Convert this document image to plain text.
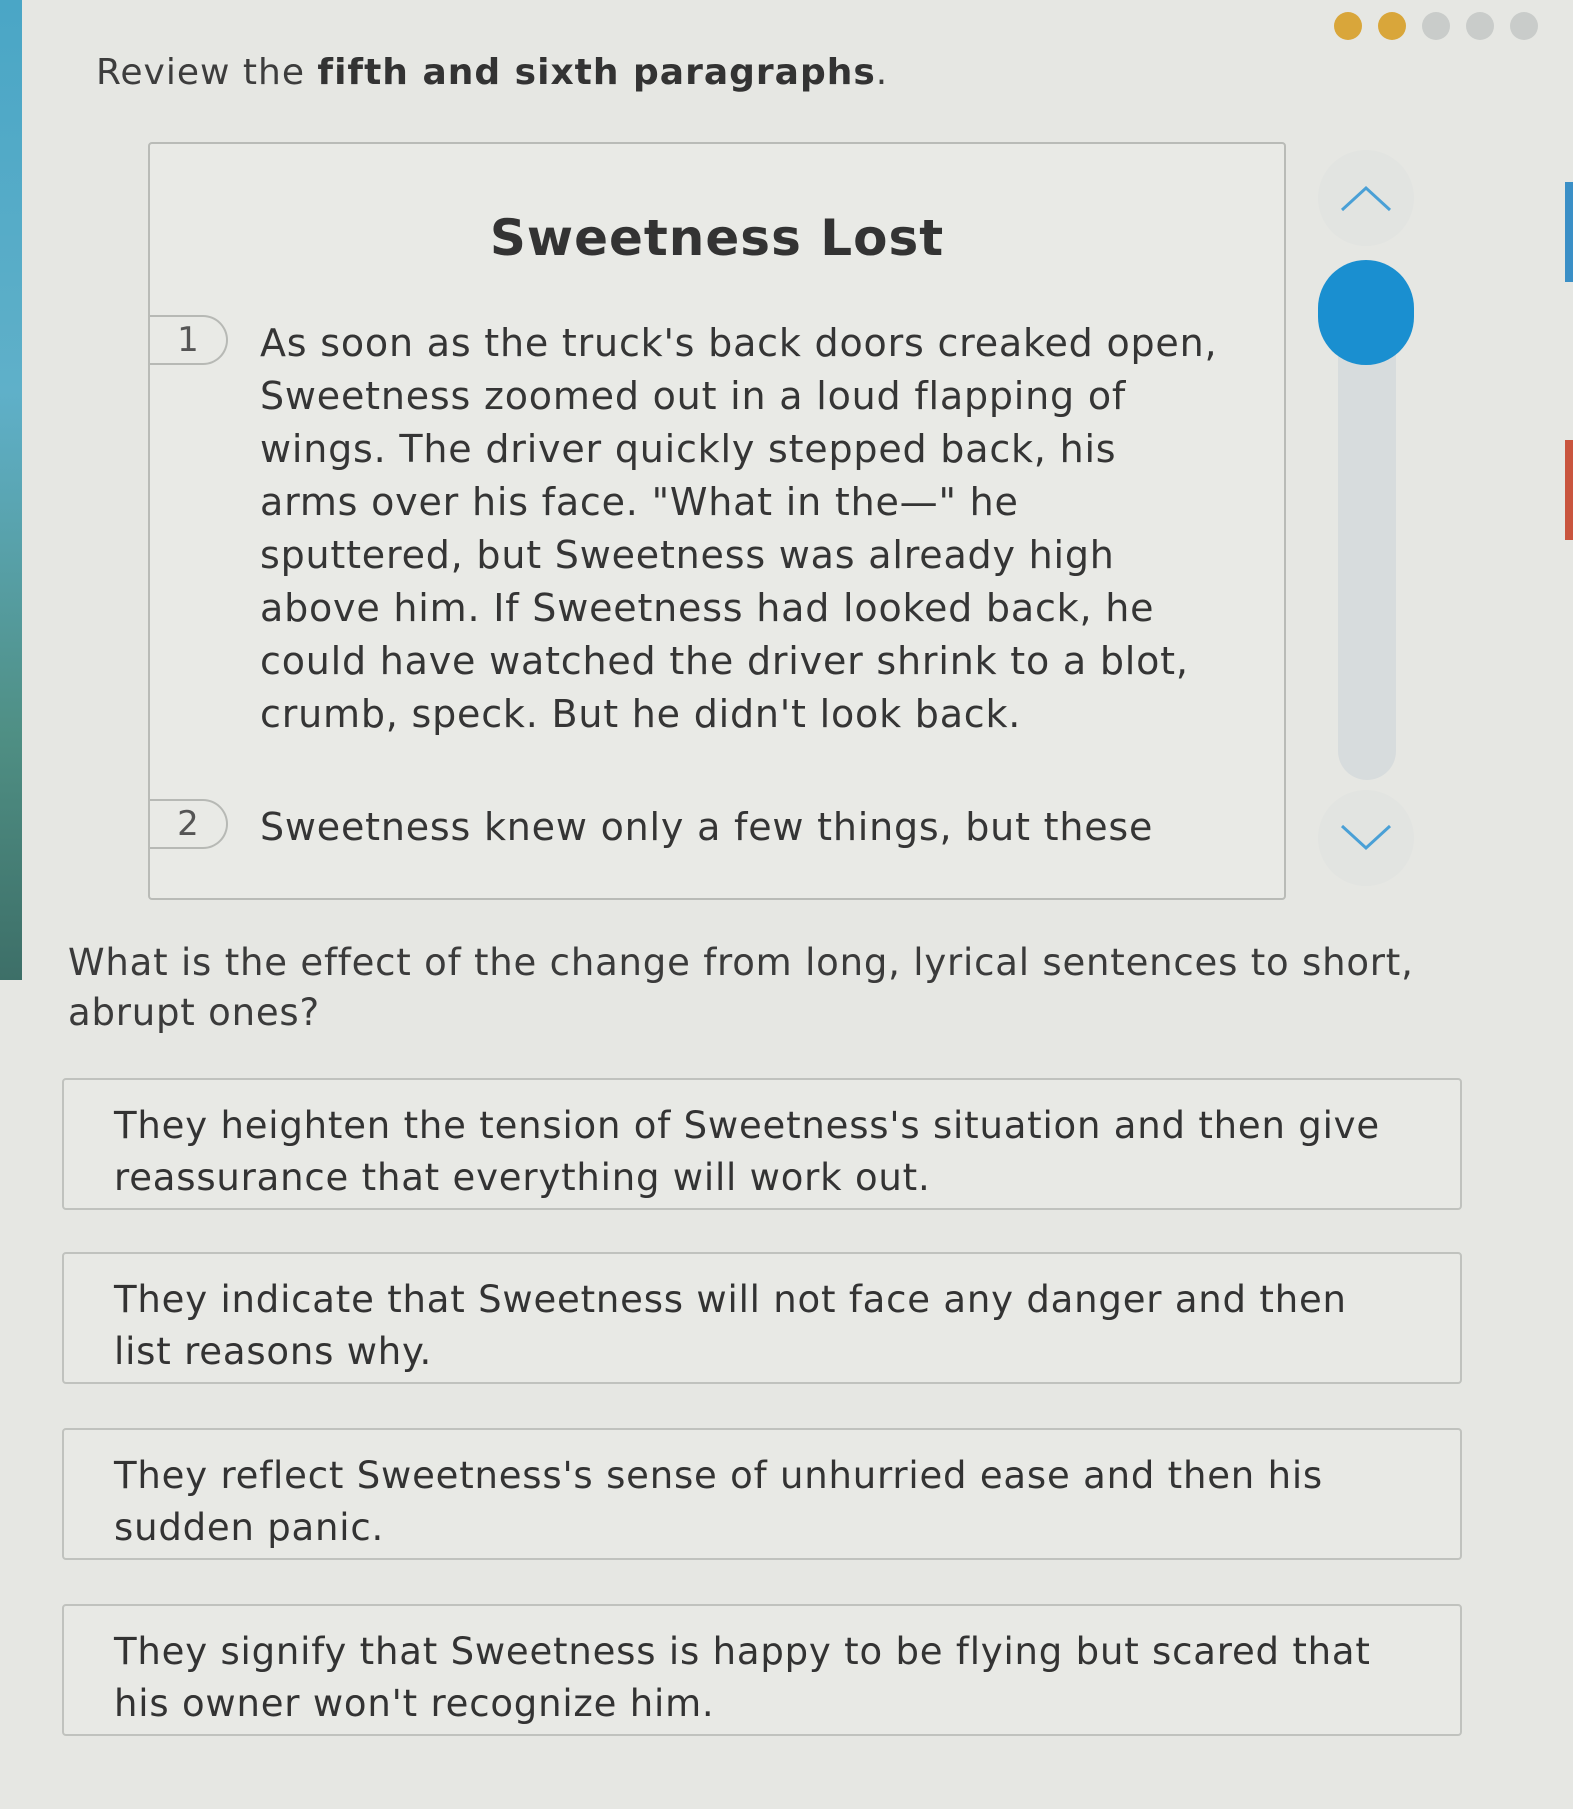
Review the fifth and sixth paragraphs.
Sweetness Lost
1	As soon as the truck's back doors creaked open, Sweetness zoomed out in a loud flapping of wings. The driver quickly stepped back, his arms over his face. "What in the—" he sputtered, but Sweetness was already high above him. If Sweetness had looked back, he could have watched the driver shrink to a blot, crumb, speck. But he didn't look back.
2	Sweetness knew only a few things, but these
What is the effect of the change from long, lyrical sentences to short, abrupt ones?
They heighten the tension of Sweetness's situation and then give reassurance that everything will work out.
They indicate that Sweetness will not face any danger and then list reasons why.
They reflect Sweetness's sense of unhurried ease and then his sudden panic.
They signify that Sweetness is happy to be flying but scared that his owner won't recognize him.
